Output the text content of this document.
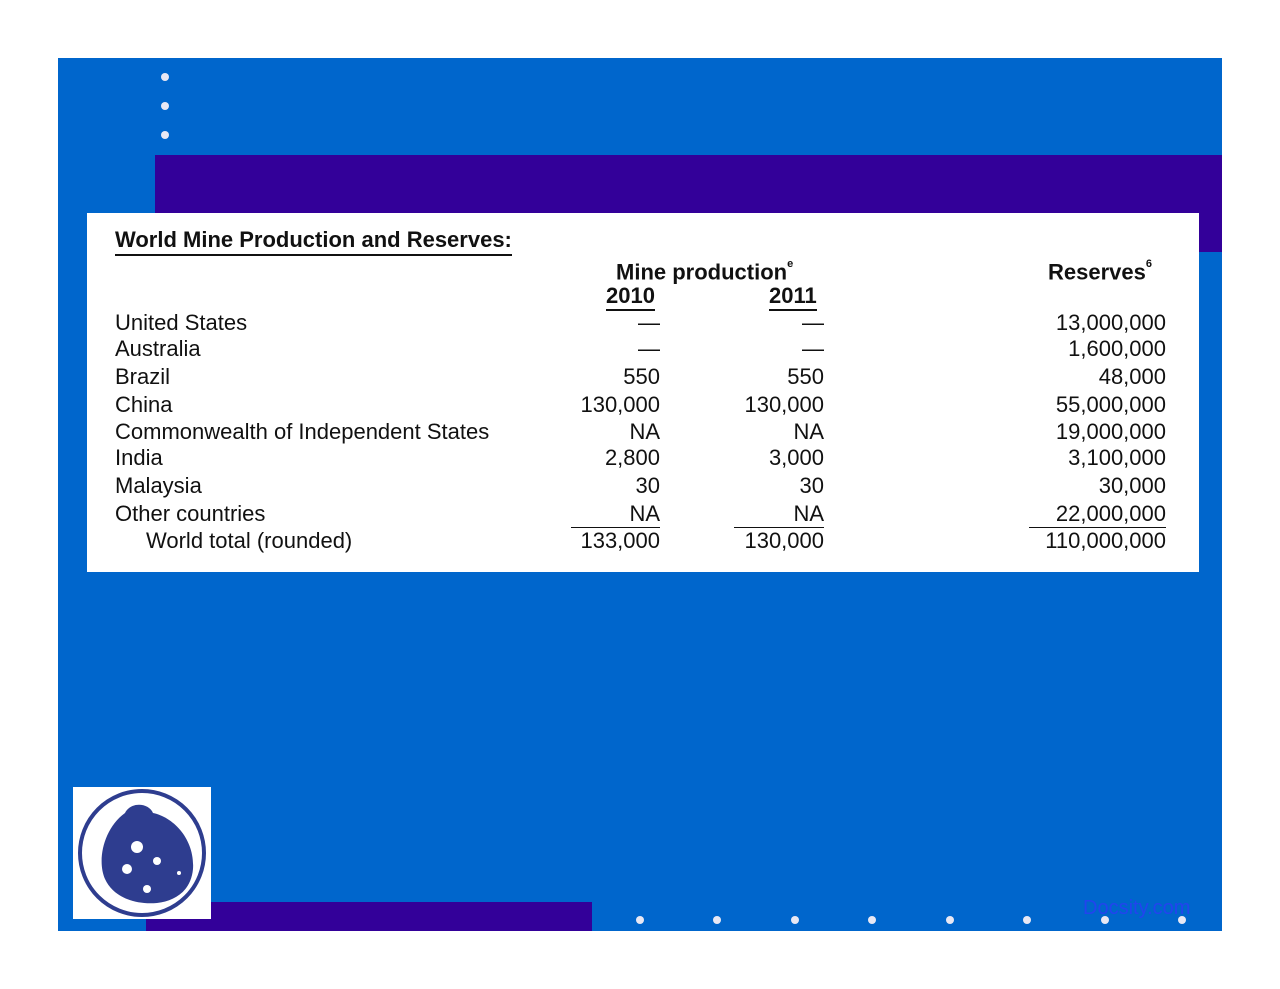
World Mine Production and Reserves:
Mine production$^e$	Reserves$^6$
2010	2011
United States	—	—	13,000,000
Australia	—	—	1,600,000
Brazil	550	550	48,000
China	130,000	130,000	55,000,000
Commonwealth of Independent States	NA	NA	19,000,000
India	2,800	3,000	3,100,000
Malaysia	30	30	30,000
Other countries	NA	NA	22,000,000
World total (rounded)	133,000	130,000	110,000,000
Docsity.com
